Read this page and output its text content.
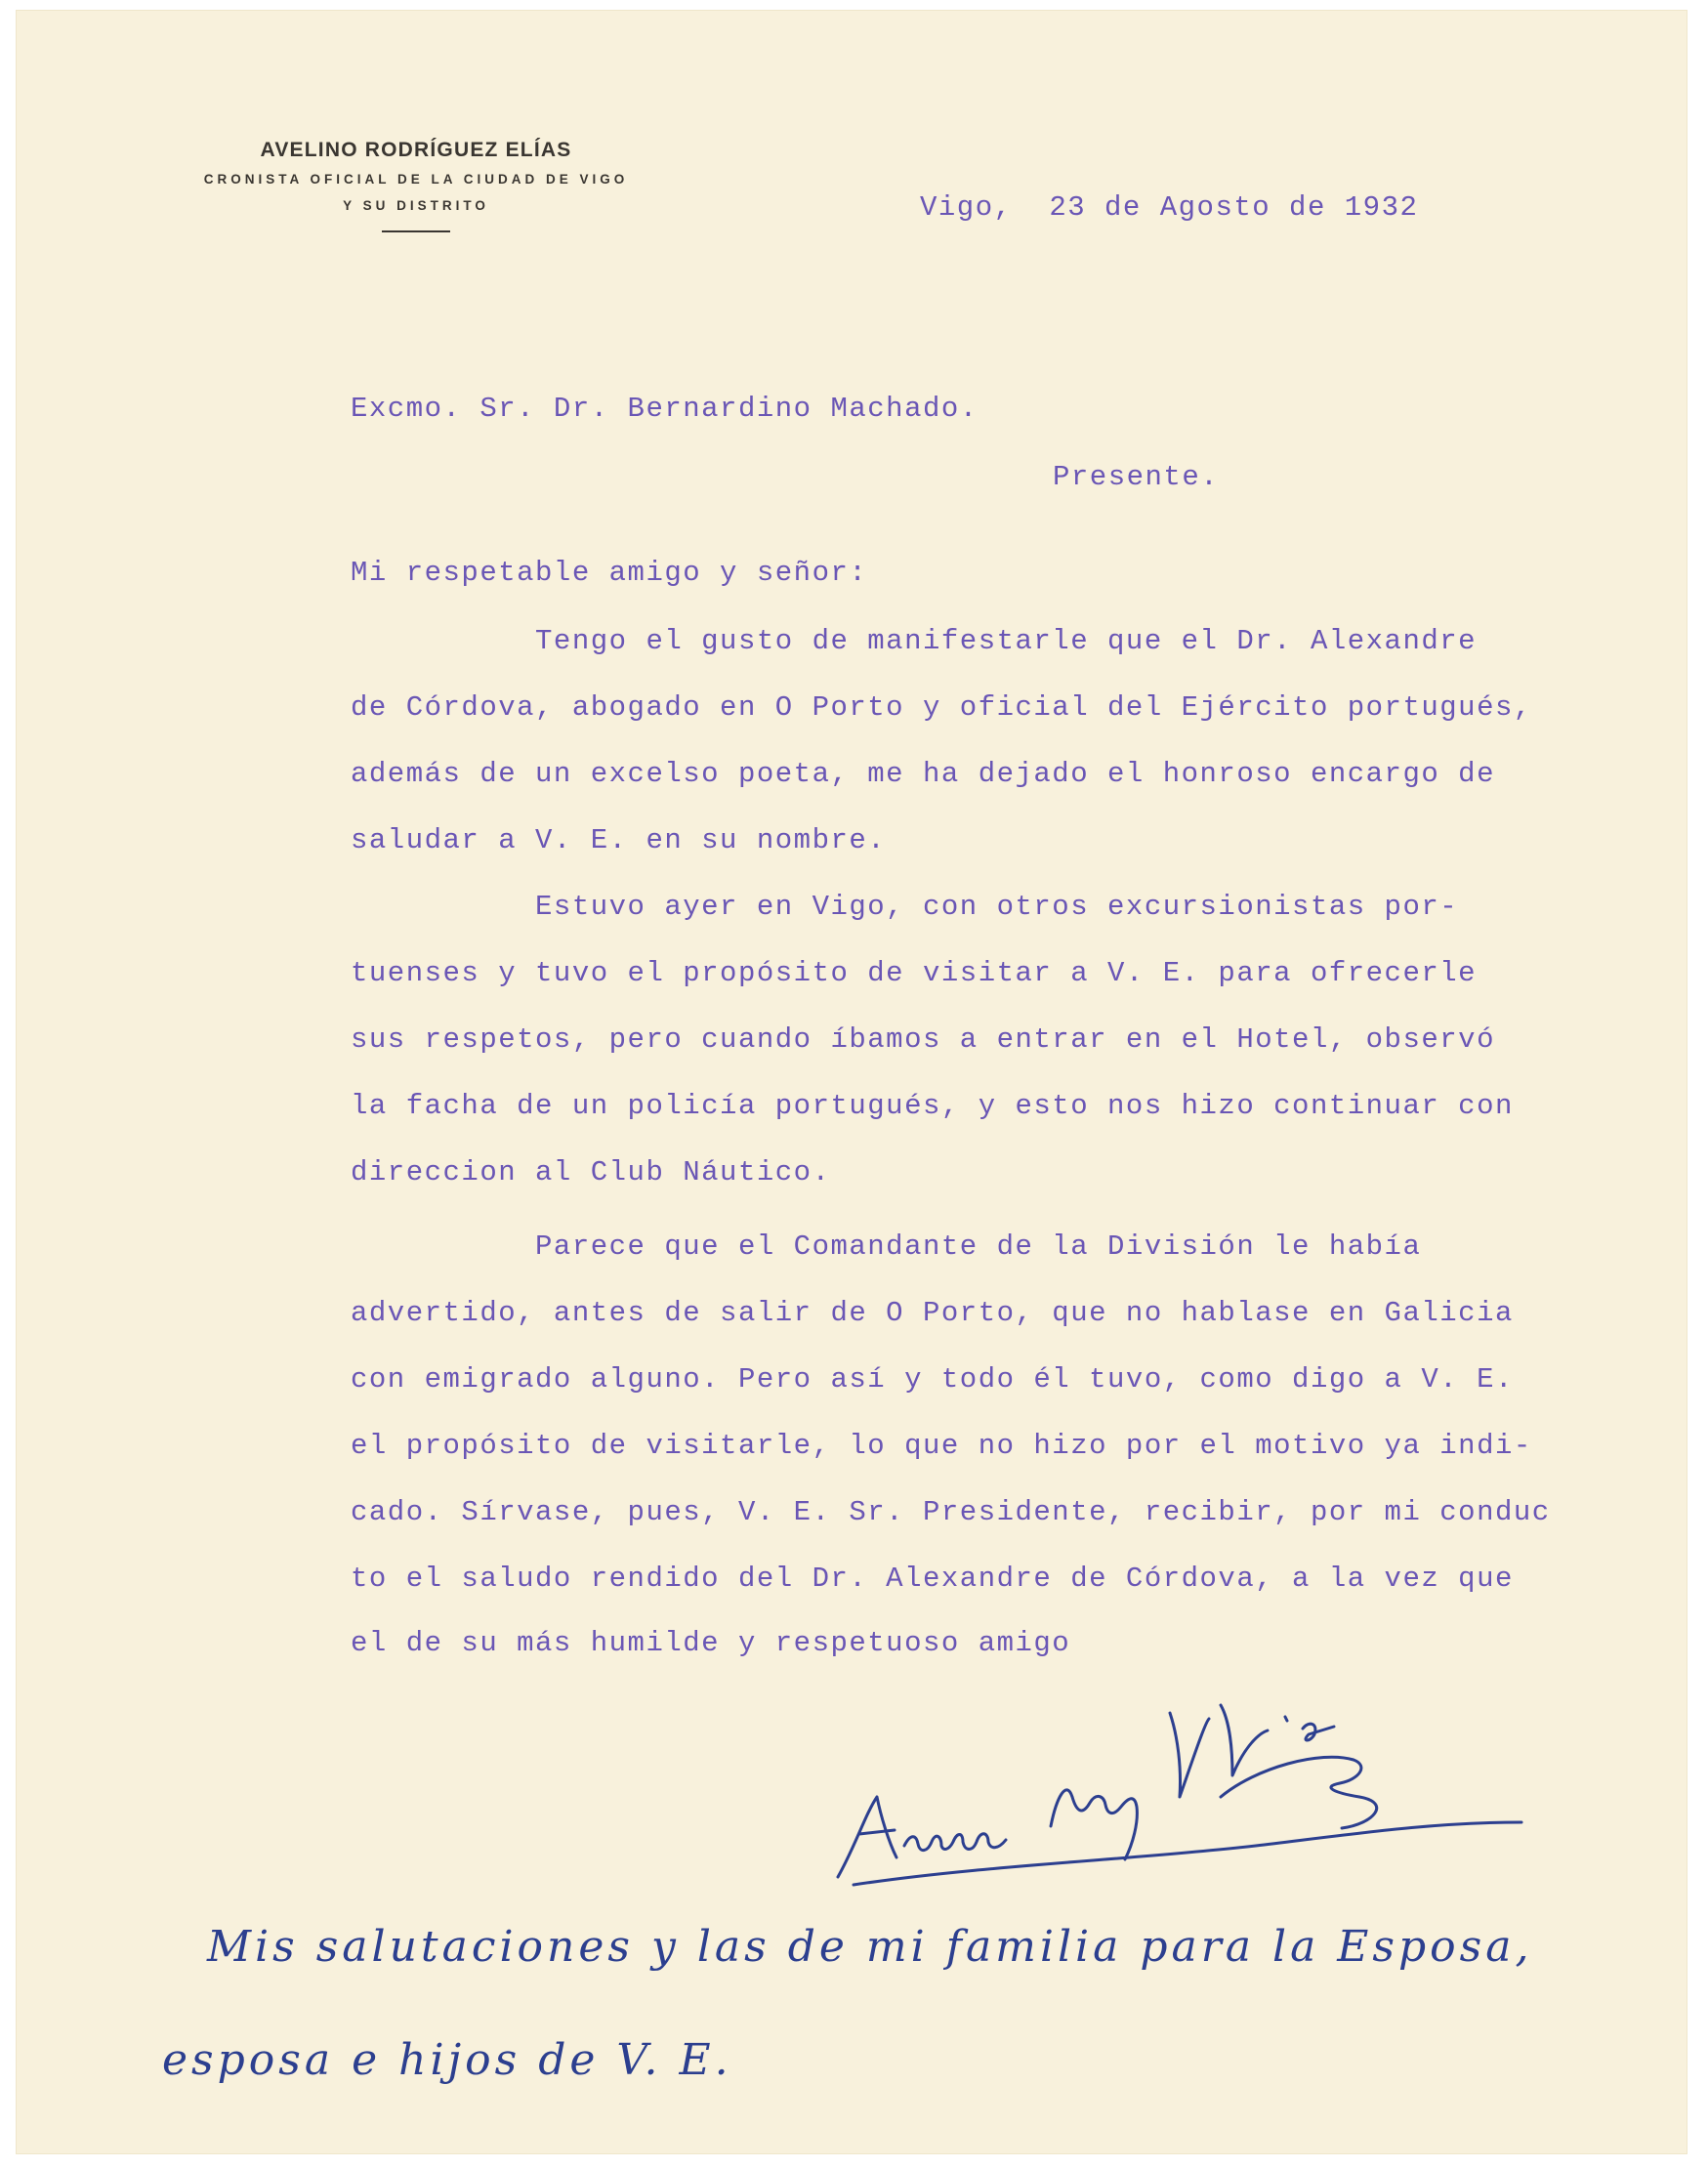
AVELINO RODRÍGUEZ ELÍAS
CRONISTA OFICIAL DE LA CIUDAD DE VIGO
Y SU DISTRITO	Vigo,  23 de Agosto de 1932
Excmo. Sr. Dr. Bernardino Machado.
Presente.
Mi respetable amigo y señor:
Tengo el gusto de manifestarle que el Dr. Alexandre
de Córdova, abogado en O Porto y oficial del Ejército portugués,
además de un excelso poeta, me ha dejado el honroso encargo de
saludar a V. E. en su nombre.
Estuvo ayer en Vigo, con otros excursionistas por-
tuenses y tuvo el propósito de visitar a V. E. para ofrecerle
sus respetos, pero cuando íbamos a entrar en el Hotel, observó
la facha de un policía portugués, y esto nos hizo continuar con
direccion al Club Náutico.
Parece que el Comandante de la División le había
advertido, antes de salir de O Porto, que no hablase en Galicia
con emigrado alguno. Pero así y todo él tuvo, como digo a V. E.
el propósito de visitarle, lo que no hizo por el motivo ya indi-
cado. Sírvase, pues, V. E. Sr. Presidente, recibir, por mi conduc
to el saludo rendido del Dr. Alexandre de Córdova, a la vez que
el de su más humilde y respetuoso amigo
Mis salutaciones y las de mi familia para la Esposa,
esposa e hijos de V. E.
